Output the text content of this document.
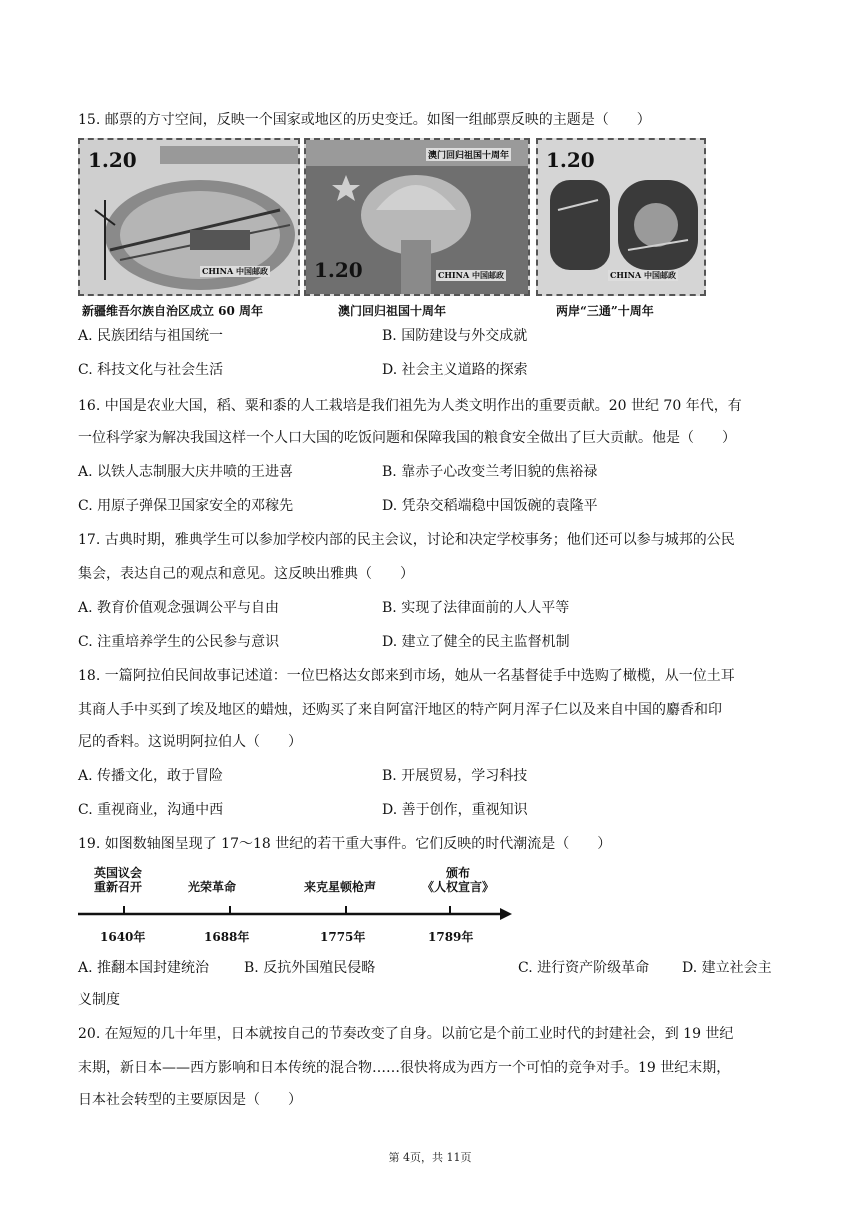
15. 邮票的方寸空间，反映一个国家或地区的历史变迁。如图一组邮票反映的主题是（　　）
1.20
CHINA 中国邮政
澳门回归祖国十周年
1.20	CHINA 中国邮政
1.20
CHINA 中国邮政
新疆维吾尔族自治区成立 60 周年	澳门回归祖国十周年	两岸“三通”十周年
A. 民族团结与祖国统一	B. 国防建设与外交成就
C. 科技文化与社会生活	D. 社会主义道路的探索
16. 中国是农业大国，稻、粟和黍的人工栽培是我们祖先为人类文明作出的重要贡献。20 世纪 70 年代，有
一位科学家为解决我国这样一个人口大国的吃饭问题和保障我国的粮食安全做出了巨大贡献。他是（　　）
A. 以铁人志制服大庆井喷的王进喜	B. 靠赤子心改变兰考旧貌的焦裕禄
C. 用原子弹保卫国家安全的邓稼先	D. 凭杂交稻端稳中国饭碗的袁隆平
17. 古典时期，雅典学生可以参加学校内部的民主会议，讨论和决定学校事务；他们还可以参与城邦的公民
集会，表达自己的观点和意见。这反映出雅典（　　）
A. 教育价值观念强调公平与自由	B. 实现了法律面前的人人平等
C. 注重培养学生的公民参与意识	D. 建立了健全的民主监督机制
18. 一篇阿拉伯民间故事记述道：一位巴格达女郎来到市场，她从一名基督徒手中选购了橄榄，从一位土耳
其商人手中买到了埃及地区的蜡烛，还购买了来自阿富汗地区的特产阿月浑子仁以及来自中国的麝香和印
尼的香料。这说明阿拉伯人（　　）
A. 传播文化，敢于冒险	B. 开展贸易，学习科技
C. 重视商业，沟通中西	D. 善于创作，重视知识
19. 如图数轴图呈现了 17～18 世纪的若干重大事件。它们反映的时代潮流是（　　）
英国议会
重新召开	光荣革命	来克星顿枪声
颁布
《人权宣言》
1640年	1688年	1775年	1789年
A. 推翻本国封建统治 B. 反抗外国殖民侵略	C. 进行资产阶级革命 D. 建立社会主
义制度
20. 在短短的几十年里，日本就按自己的节奏改变了自身。以前它是个前工业时代的封建社会，到 19 世纪
末期，新日本——西方影响和日本传统的混合物……很快将成为西方一个可怕的竞争对手。19 世纪末期，
日本社会转型的主要原因是（　　）
第 4页，共 11页
